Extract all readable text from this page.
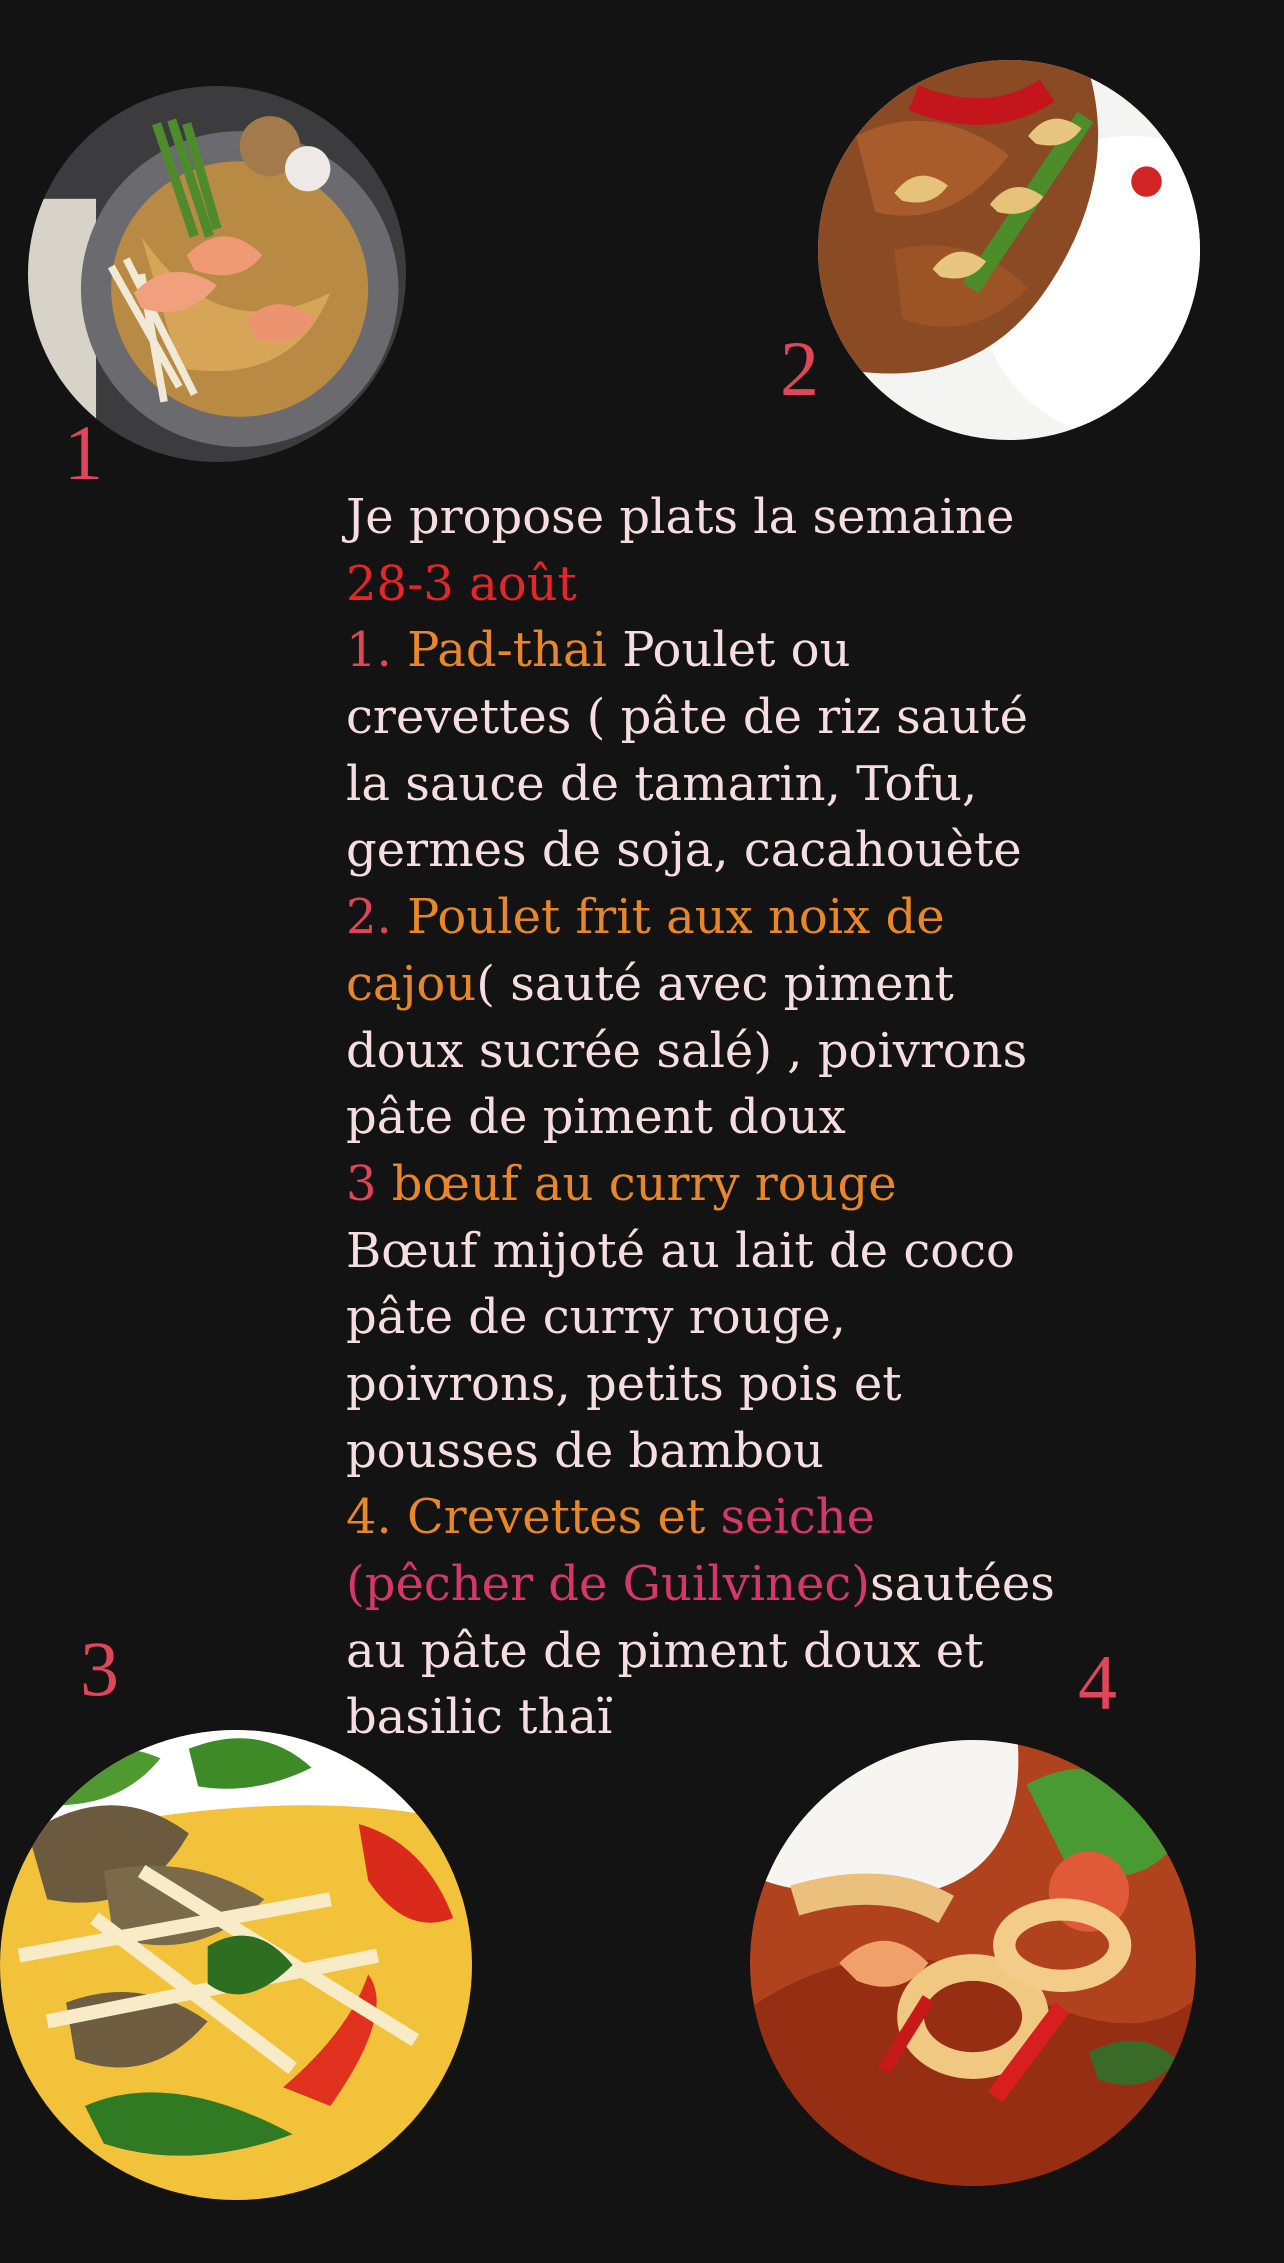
1
2
3	4
Je propose plats la semaine
28-3 août
1. Pad-thai Poulet ou
crevettes ( pâte de riz sauté
la sauce de tamarin, Tofu,
germes de soja, cacahouète
2. Poulet frit aux noix de
cajou( sauté avec piment
doux sucrée salé) , poivrons
pâte de piment doux
3 bœuf au curry rouge
Bœuf mijoté au lait de coco
pâte de curry rouge,
poivrons, petits pois et
pousses de bambou
4. Crevettes et seiche
(pêcher de Guilvinec)sautées
au pâte de piment doux et
basilic thaï
